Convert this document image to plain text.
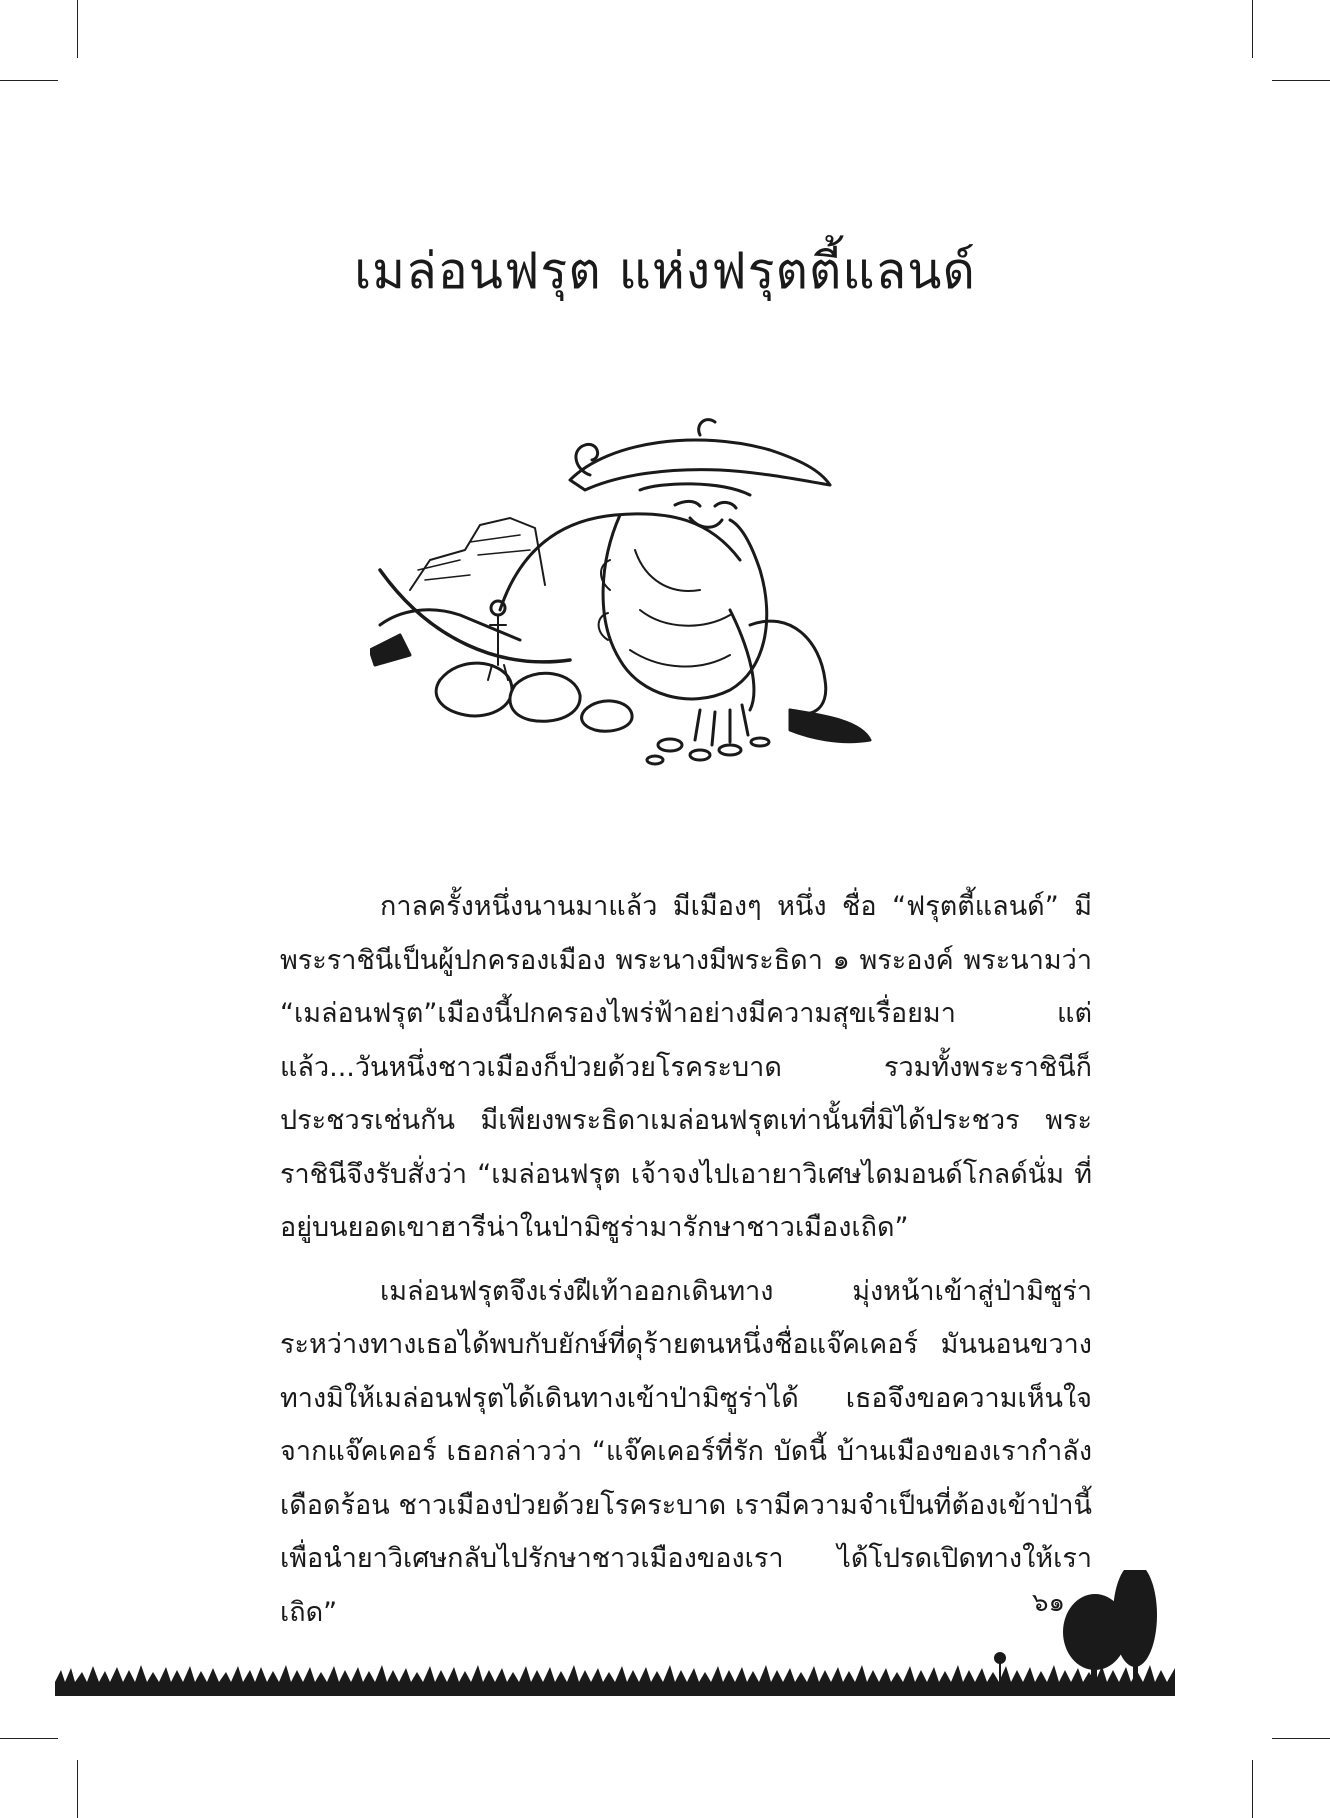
เมล่อนฟรุต แห่งฟรุตตี้แลนด์

กาลครั้งหนึ่งนานมาแล้ว มีเมืองๆ หนึ่ง ชื่อ “ฟรุตตี้แลนด์” มีพระราชินีเป็นผู้ปกครองเมือง พระนางมีพระธิดา ๑ พระองค์ พระนามว่า “เมล่อนฟรุต”เมืองนี้ปกครองไพร่ฟ้าอย่างมีความสุขเรื่อยมา แต่แล้ว...วันหนึ่งชาวเมืองก็ป่วยด้วยโรคระบาด รวมทั้งพระราชินีก็ประชวรเช่นกัน มีเพียงพระธิดาเมล่อนฟรุตเท่านั้นที่มิได้ประชวร พระราชินีจึงรับสั่งว่า “เมล่อนฟรุต เจ้าจงไปเอายาวิเศษไดมอนด์โกลด์นั่ม ที่อยู่บนยอดเขาฮารีน่าในป่ามิซูร่ามารักษาชาวเมืองเถิด”

เมล่อนฟรุตจึงเร่งฝีเท้าออกเดินทาง มุ่งหน้าเข้าสู่ป่ามิซูร่า ระหว่างทางเธอได้พบกับยักษ์ที่ดุร้ายตนหนึ่งชื่อแจ๊คเคอร์ มันนอนขวางทางมิให้เมล่อนฟรุตได้เดินทางเข้าป่ามิซูร่าได้ เธอจึงขอความเห็นใจจากแจ๊คเคอร์ เธอกล่าวว่า “แจ๊คเคอร์ที่รัก บัดนี้ บ้านเมืองของเรากำลังเดือดร้อน ชาวเมืองป่วยด้วยโรคระบาด เรามีความจำเป็นที่ต้องเข้าป่านี้เพื่อนำยาวิเศษกลับไปรักษาชาวเมืองของเรา ได้โปรดเปิดทางให้เราเถิด”	๖๑
